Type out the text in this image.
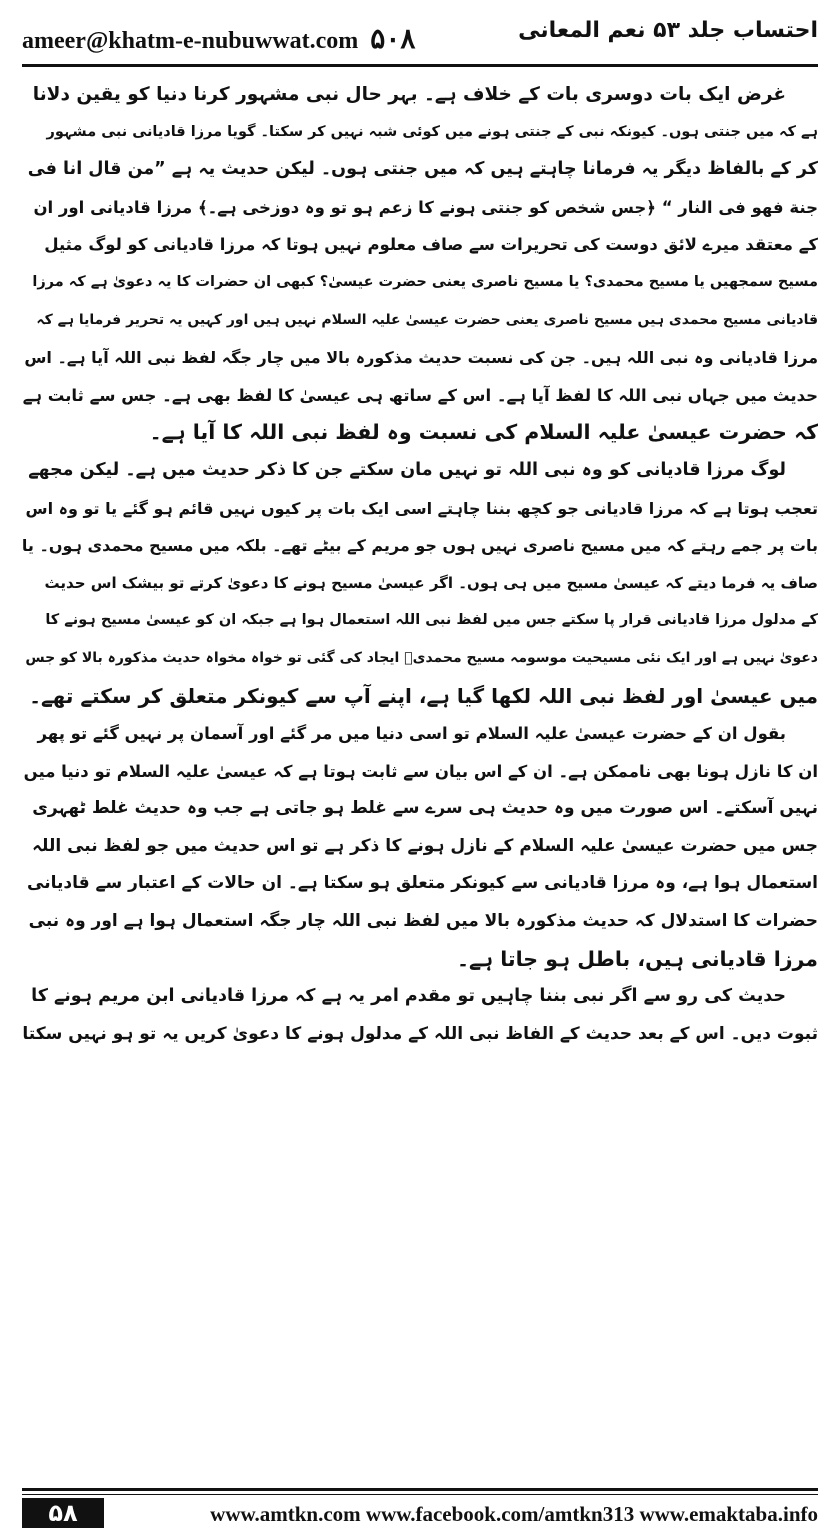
ameer@khatm-e-nubuwwat.com ۵۰۸	احتساب جلد ۵۳ نعم المعانی
غرض ایک بات دوسری بات کے خلاف ہے۔ بہر حال نبی مشہور کرنا دنیا کو یقین دلانا
ہے کہ میں جنتی ہوں۔ کیونکہ نبی کے جنتی ہونے میں کوئی شبہ نہیں کر سکتا۔ گویا مرزا قادیانی نبی مشہور
کر کے بالفاظ دیگر یہ فرمانا چاہتے ہیں کہ میں جنتی ہوں۔ لیکن حدیث یہ ہے ”من قال انا فی
جنة فھو فی النار “ ﴿جس شخص کو جنتی ہونے کا زعم ہو تو وہ دوزخی ہے۔﴾ مرزا قادیانی اور ان
کے معتقد میرے لائق دوست کی تحریرات سے صاف معلوم نہیں ہوتا کہ مرزا قادیانی کو لوگ مثیل
مسیح سمجھیں یا مسیح محمدی؟ یا مسیح ناصری یعنی حضرت عیسیٰ؟ کبھی ان حضرات کا یہ دعویٰ ہے کہ مرزا
قادیانی مسیح محمدی ہیں مسیح ناصری یعنی حضرت عیسیٰ علیہ السلام نہیں ہیں اور کہیں یہ تحریر فرمایا ہے کہ
مرزا قادیانی وہ نبی اللہ ہیں۔ جن کی نسبت حدیث مذکورہ بالا میں چار جگہ لفظ نبی اللہ آیا ہے۔ اس
حدیث میں جہاں نبی اللہ کا لفظ آیا ہے۔ اس کے ساتھ ہی عیسیٰ کا لفظ بھی ہے۔ جس سے ثابت ہے
کہ حضرت عیسیٰ علیہ السلام کی نسبت وہ لفظ نبی اللہ کا آیا ہے۔
لوگ مرزا قادیانی کو وہ نبی اللہ تو نہیں مان سکتے جن کا ذکر حدیث میں ہے۔ لیکن مجھے
تعجب ہوتا ہے کہ مرزا قادیانی جو کچھ بننا چاہتے اسی ایک بات پر کیوں نہیں قائم ہو گئے یا تو وہ اس
بات پر جمے رہتے کہ میں مسیح ناصری نہیں ہوں جو مریم کے بیٹے تھے۔ بلکہ میں مسیح محمدی ہوں۔ یا
صاف یہ فرما دیتے کہ عیسیٰ مسیح میں ہی ہوں۔ اگر عیسیٰ مسیح ہونے کا دعویٰ کرتے تو بیشک اس حدیث
کے مدلول مرزا قادیانی قرار پا سکتے جس میں لفظ نبی اللہ استعمال ہوا ہے جبکہ ان کو عیسیٰ مسیح ہونے کا
دعویٰ نہیں ہے اور ایک نئی مسیحیت موسومہ مسیح محمدیؐ ایجاد کی گئی تو خواہ مخواہ حدیث مذکورہ بالا کو جس
میں عیسیٰ اور لفظ نبی اللہ لکھا گیا ہے، اپنے آپ سے کیونکر متعلق کر سکتے تھے۔
بقول ان کے حضرت عیسیٰ علیہ السلام تو اسی دنیا میں مر گئے اور آسمان پر نہیں گئے تو پھر
ان کا نازل ہونا بھی ناممکن ہے۔ ان کے اس بیان سے ثابت ہوتا ہے کہ عیسیٰ علیہ السلام تو دنیا میں
نہیں آسکتے۔ اس صورت میں وہ حدیث ہی سرے سے غلط ہو جاتی ہے جب وہ حدیث غلط ٹھہری
جس میں حضرت عیسیٰ علیہ السلام کے نازل ہونے کا ذکر ہے تو اس حدیث میں جو لفظ نبی اللہ
استعمال ہوا ہے، وہ مرزا قادیانی سے کیونکر متعلق ہو سکتا ہے۔ ان حالات کے اعتبار سے قادیانی
حضرات کا استدلال کہ حدیث مذکورہ بالا میں لفظ نبی اللہ چار جگہ استعمال ہوا ہے اور وہ نبی
مرزا قادیانی ہیں، باطل ہو جاتا ہے۔
حدیث کی رو سے اگر نبی بننا چاہیں تو مقدم امر یہ ہے کہ مرزا قادیانی ابن مریم ہونے کا
ثبوت دیں۔ اس کے بعد حدیث کے الفاظ نبی اللہ کے مدلول ہونے کا دعویٰ کریں یہ تو ہو نہیں سکتا
۵۸	www.amtkn.com www.facebook.com/amtkn313 www.emaktaba.info
